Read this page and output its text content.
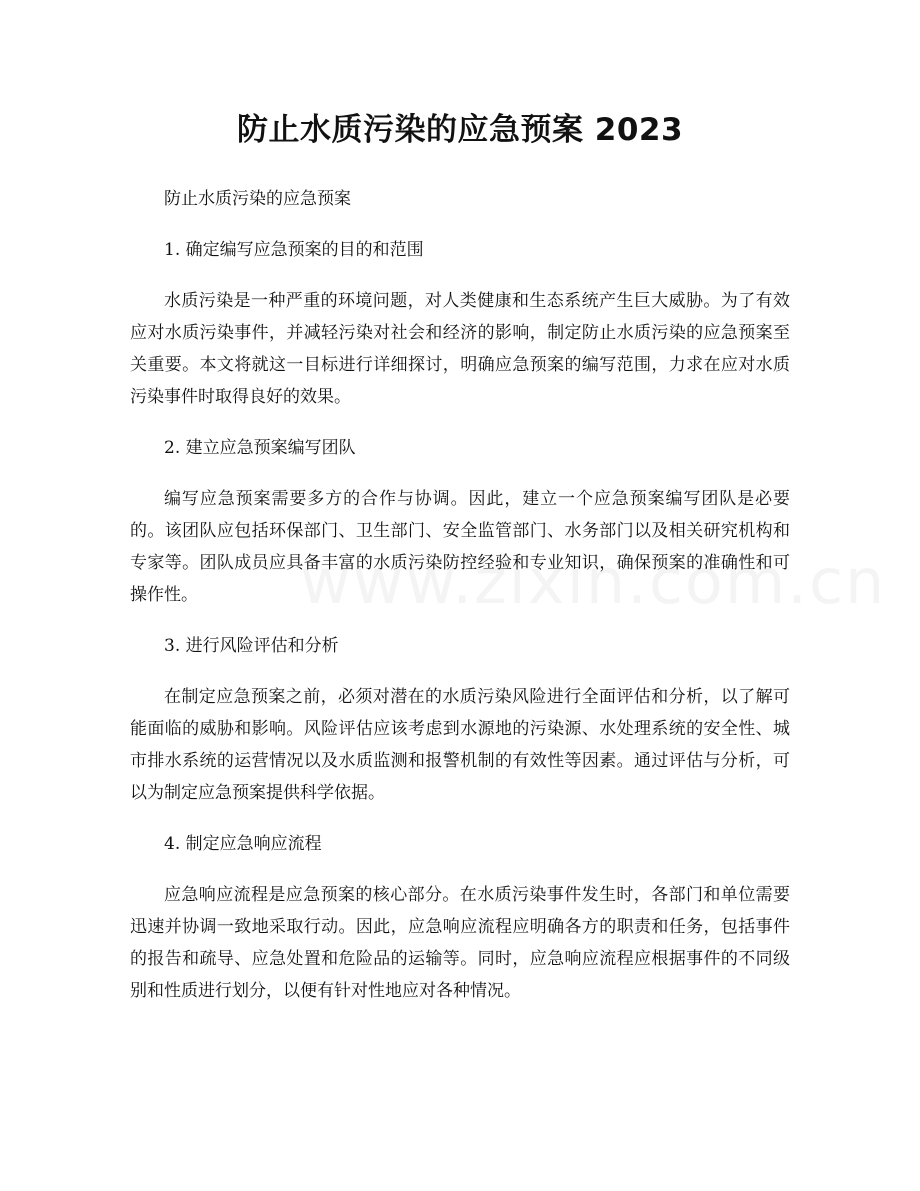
防止水质污染的应急预案 2023

防止水质污染的应急预案

1. 确定编写应急预案的目的和范围

水质污染是一种严重的环境问题，对人类健康和生态系统产生巨大威胁。为了有效应对水质污染事件，并减轻污染对社会和经济的影响，制定防止水质污染的应急预案至关重要。本文将就这一目标进行详细探讨，明确应急预案的编写范围，力求在应对水质污染事件时取得良好的效果。

2. 建立应急预案编写团队

编写应急预案需要多方的合作与协调。因此，建立一个应急预案编写团队是必要的。该团队应包括环保部门、卫生部门、安全监管部门、水务部门以及相关研究机构和专家等。团队成员应具备丰富的水质污染防控经验和专业知识，确保预案的准确性和可操作性。

3. 进行风险评估和分析

在制定应急预案之前，必须对潜在的水质污染风险进行全面评估和分析，以了解可能面临的威胁和影响。风险评估应该考虑到水源地的污染源、水处理系统的安全性、城市排水系统的运营情况以及水质监测和报警机制的有效性等因素。通过评估与分析，可以为制定应急预案提供科学依据。

4. 制定应急响应流程

应急响应流程是应急预案的核心部分。在水质污染事件发生时，各部门和单位需要迅速并协调一致地采取行动。因此，应急响应流程应明确各方的职责和任务，包括事件的报告和疏导、应急处置和危险品的运输等。同时，应急响应流程应根据事件的不同级别和性质进行划分，以便有针对性地应对各种情况。
